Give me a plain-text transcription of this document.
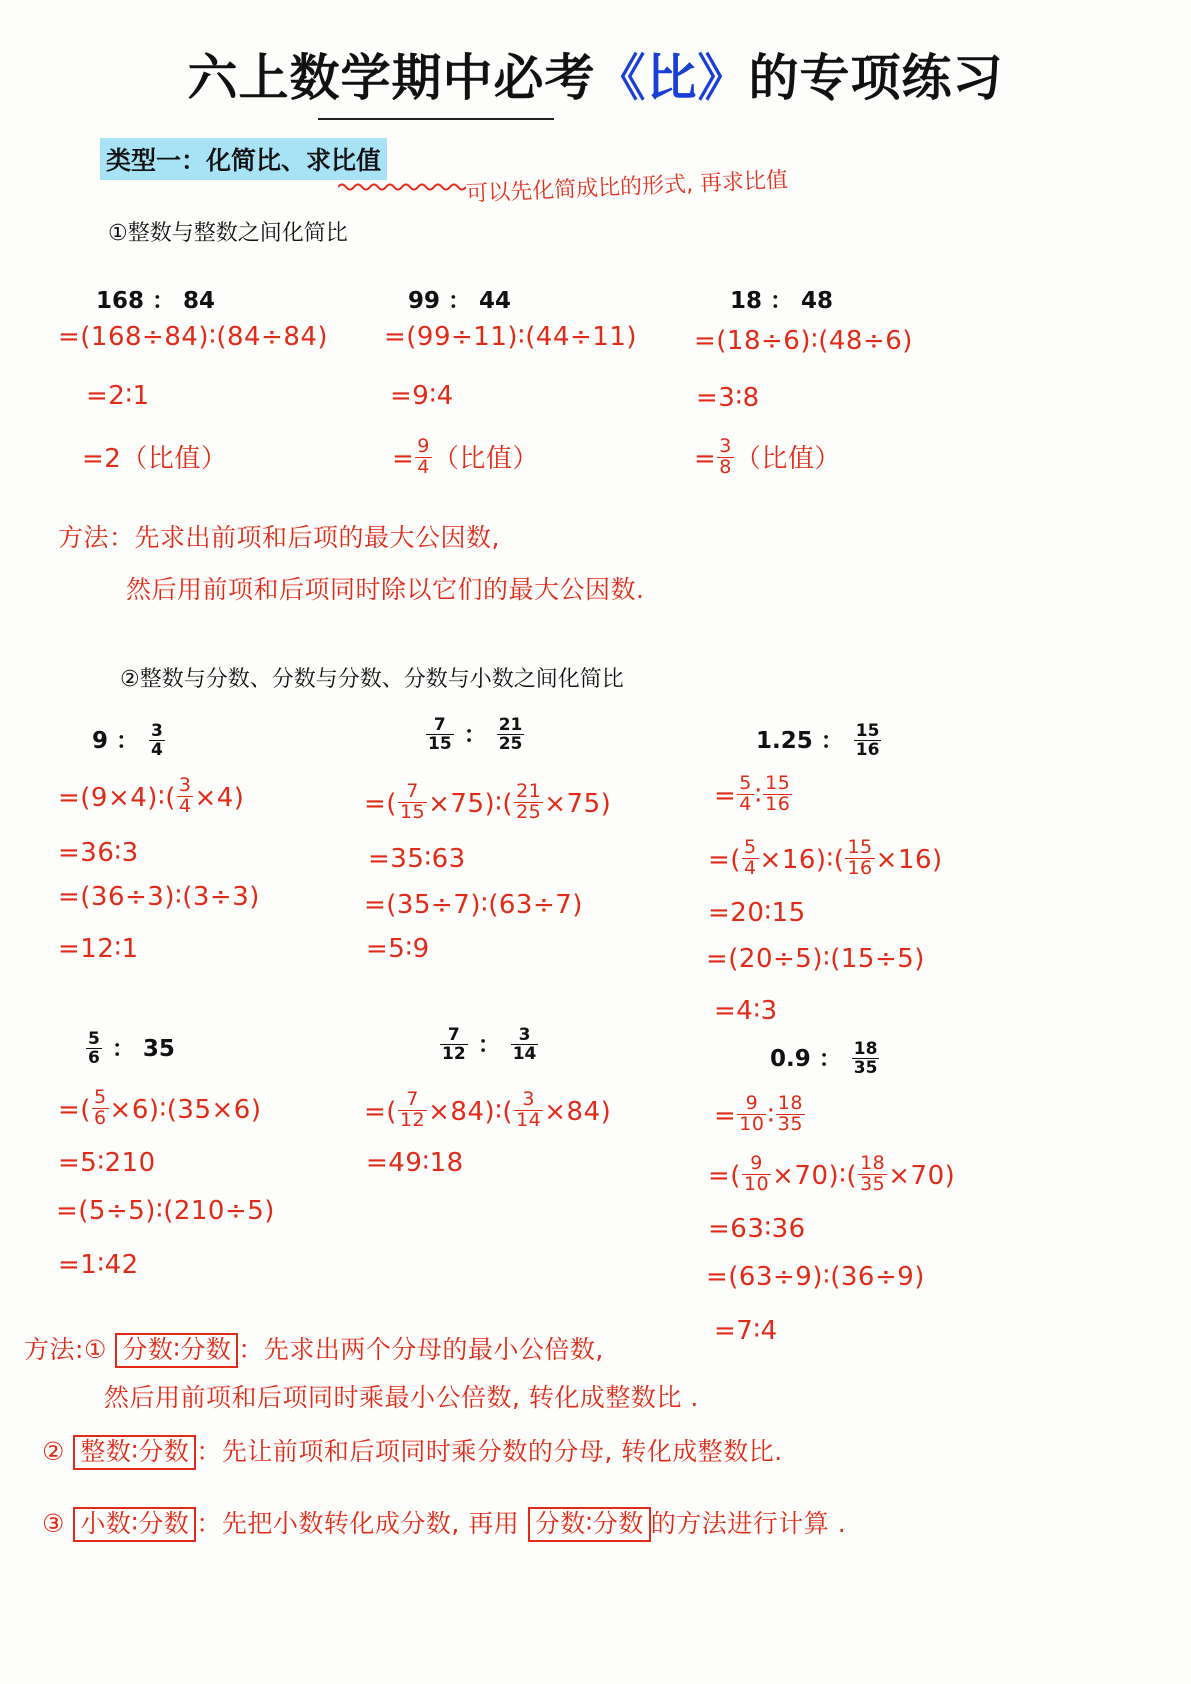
六上数学期中必考《比》的专项练习
类型一：化简比、求比值
可以先化简成比的形式, 再求比值
①整数与整数之间化简比
168 ： 84
=(168÷84)∶(84÷84)
=2∶1
=2（比值）
99 ： 44
=(99÷11)∶(44÷11)
=9∶4
= $\frac{9}{4}$ （比值）
18 ： 48
=(18÷6)∶(48÷6)
=3∶8
= $\frac{3}{8}$ （比值）
方法：先求出前项和后项的最大公因数,
然后用前项和后项同时除以它们的最大公因数.
②整数与分数、分数与分数、分数与小数之间化简比
9 ： $\frac{3}{4}$
=(9×4)∶( $\frac{3}{4} \times 4$)
=36∶3
=(36÷3)∶(3÷3)
=12∶1
$\frac{7}{15}$ ： $\frac{21}{25}$
=( $\frac{7}{15}$ ×75)∶( $\frac{21}{25} \times 75$)
=35∶63
=(35÷7)∶(63÷7)
=5∶9
1.25 ： $\frac{15}{16}$
= $\frac{5}{4}$ ∶ $\frac{15}{16}$
=( $\frac{5}{4}$ ×16)∶( $\frac{15}{16} \times 16$)
=20∶15
=(20÷5)∶(15÷5)
=4∶3
$\frac{5}{6}$ ： 35
=( $\frac{5}{6}$ ×6)∶(35×6)
=5∶210
=(5÷5)∶(210÷5)
=1∶42
$\frac{7}{12}$ ： $\frac{3}{14}$
=( $\frac{7}{12}$ ×84)∶( $\frac{3}{14} \times 84$)
=49∶18
0.9 ： $\frac{18}{35}$
= $\frac{9}{10}$ ∶ $\frac{18}{35}$
=( $\frac{9}{10}$ ×70)∶( $\frac{18}{35} \times 70$)
=63∶36
=(63÷9)∶(36÷9)
=7∶4
方法:① 分数∶分数 ：先求出两个分母的最小公倍数,
然后用前项和后项同时乘最小公倍数, 转化成整数比 .
② 整数∶分数 ：先让前项和后项同时乘分数的分母, 转化成整数比.
③ 小数∶分数 ：先把小数转化成分数, 再用 分数∶分数 的方法进行计算 .
